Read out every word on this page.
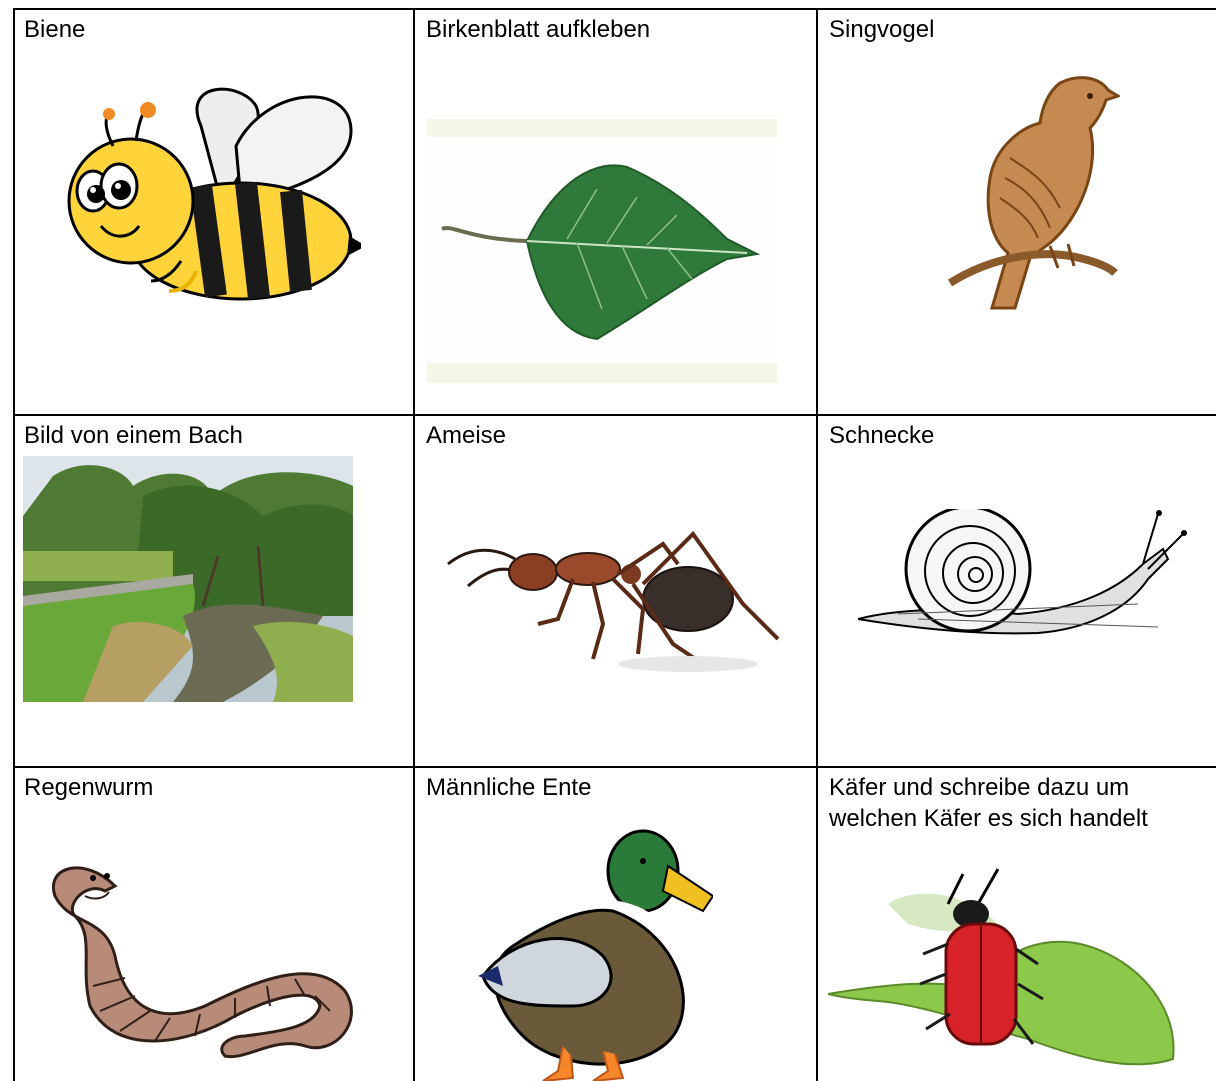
Biene	Birkenblatt aufkleben	Singvogel
Bild von einem Bach	Ameise	Schnecke
Regenwurm	Männliche Ente	Käfer und schreibe dazu um
welchen Käfer es sich handelt
